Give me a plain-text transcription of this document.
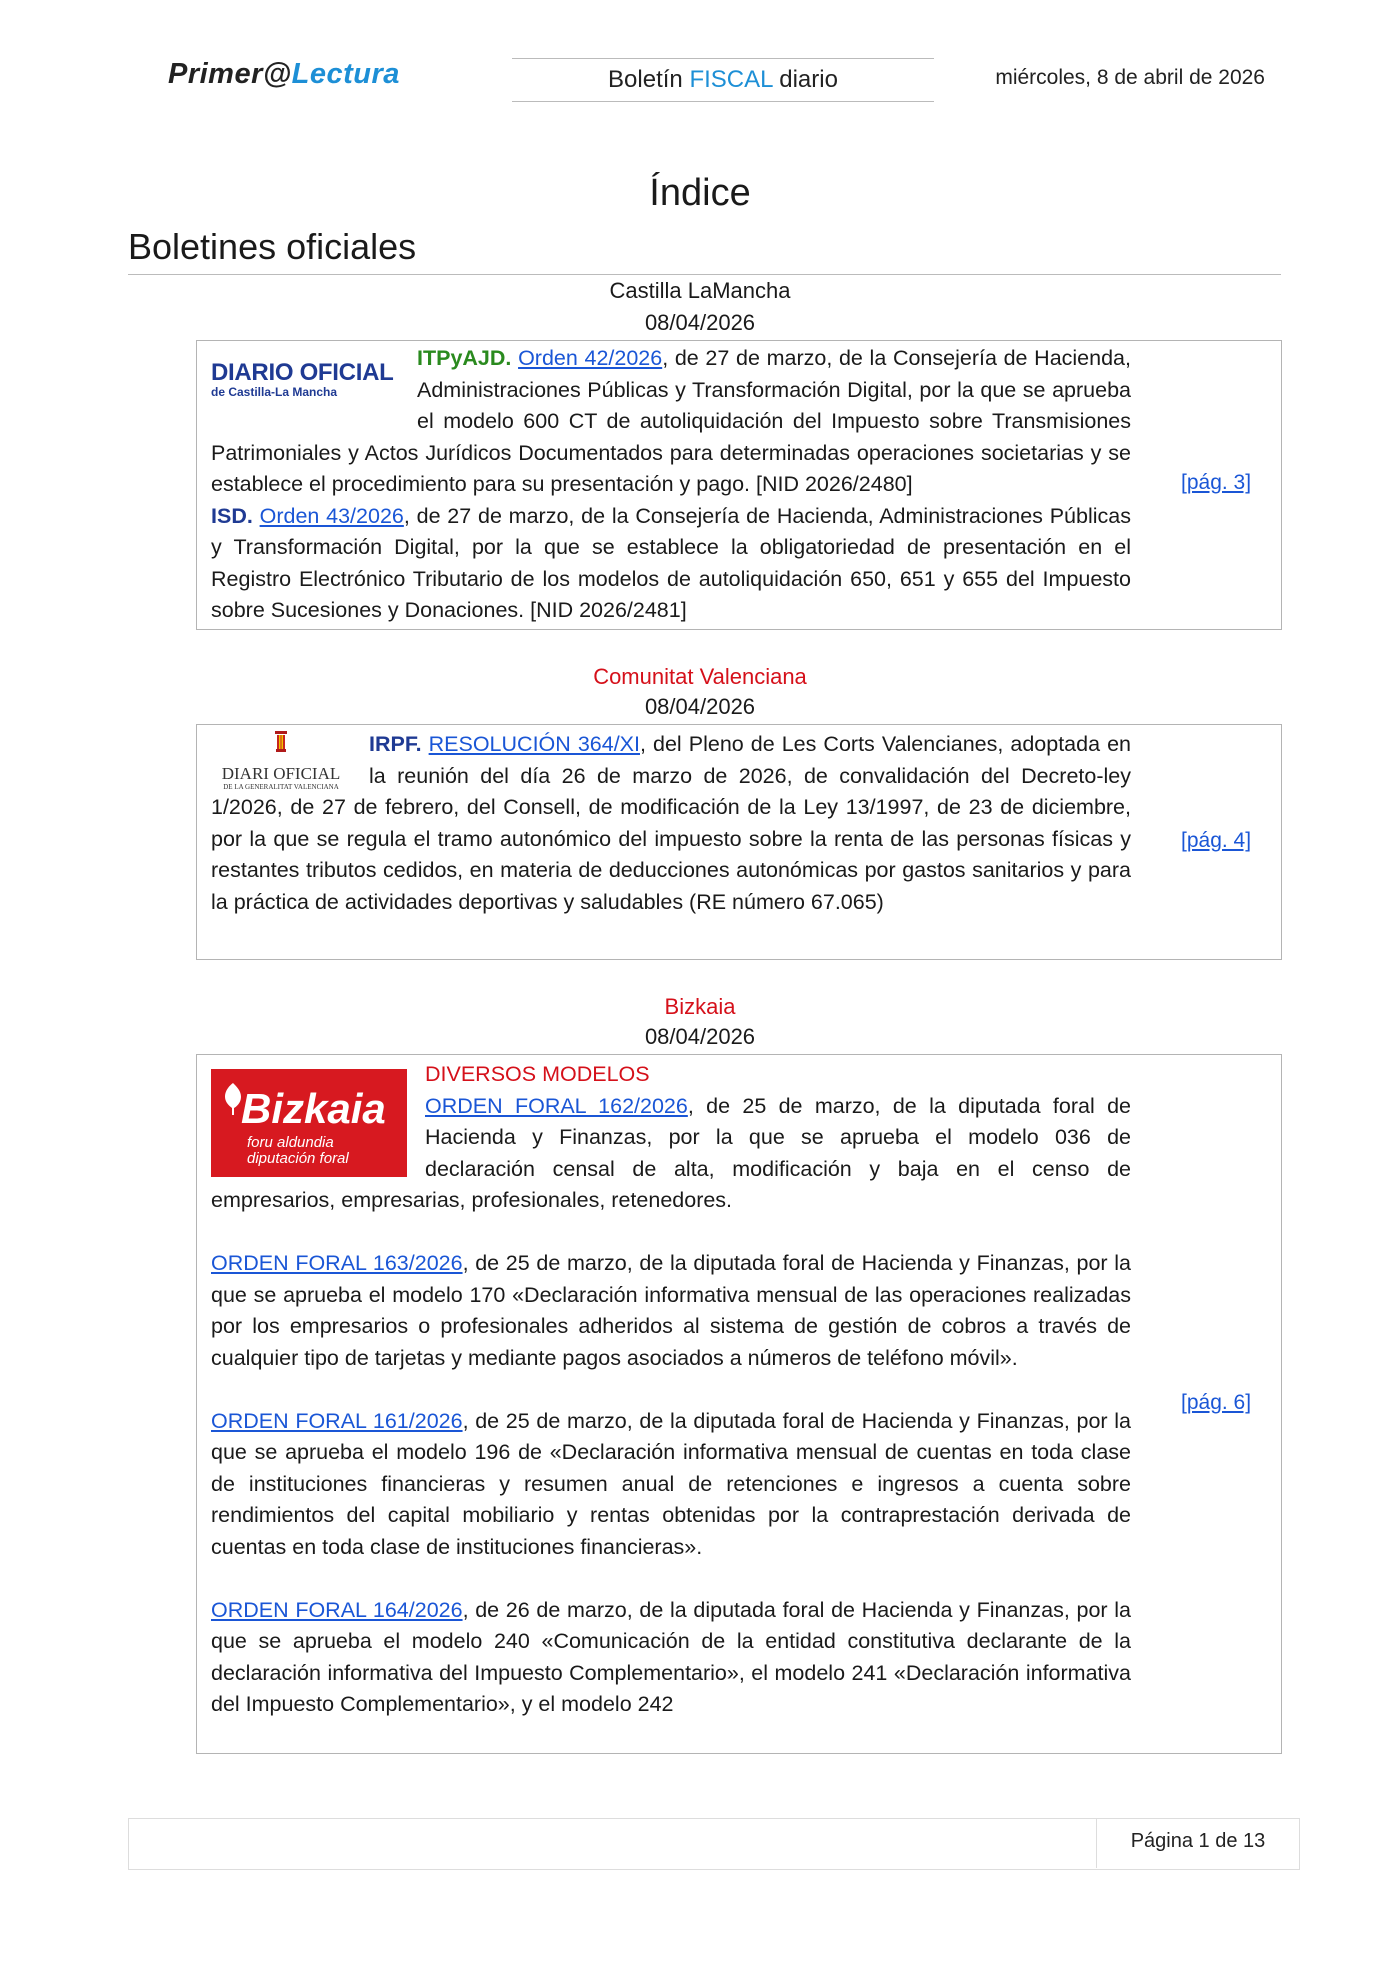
Primer@Lectura	Boletín FISCAL diario	miércoles, 8 de abril de 2026
Índice
Boletines oficiales
Castilla LaMancha
08/04/2026
DIARIO OFICIAL
de Castilla-La Mancha

ITPyAJD. Orden 42/2026, de 27 de marzo, de la Consejería de Hacienda, Administraciones Públicas y Transformación Digital, por la que se aprueba el modelo 600 CT de autoliquidación del Impuesto sobre Transmisiones Patrimoniales y Actos Jurídicos Documentados para determinadas operaciones societarias y se establece el procedimiento para su presentación y pago. [NID 2026/2480]

ISD. Orden 43/2026, de 27 de marzo, de la Consejería de Hacienda, Administraciones Públicas y Transformación Digital, por la que se establece la obligatoriedad de presentación en el Registro Electrónico Tributario de los modelos de autoliquidación 650, 651 y 655 del Impuesto sobre Sucesiones y Donaciones. [NID 2026/2481]

[pág. 3]
Comunitat Valenciana
08/04/2026
DIARI OFICIAL
DE LA GENERALITAT VALENCIANA

IRPF. RESOLUCIÓN 364/XI, del Pleno de Les Corts Valencianes, adoptada en la reunión del día 26 de marzo de 2026, de convalidación del Decreto-ley 1/2026, de 27 de febrero, del Consell, de modificación de la Ley 13/1997, de 23 de diciembre, por la que se regula el tramo autonómico del impuesto sobre la renta de las personas físicas y restantes tributos cedidos, en materia de deducciones autonómicas por gastos sanitarios y para la práctica de actividades deportivas y saludables (RE número 67.065)

[pág. 4]
Bizkaia
08/04/2026
Bizkaia
foru aldundia
diputación foral

DIVERSOS MODELOS

ORDEN FORAL 162/2026, de 25 de marzo, de la diputada foral de Hacienda y Finanzas, por la que se aprueba el modelo 036 de declaración censal de alta, modificación y baja en el censo de empresarios, empresarias, profesionales, retenedores.

ORDEN FORAL 163/2026, de 25 de marzo, de la diputada foral de Hacienda y Finanzas, por la que se aprueba el modelo 170 «Declaración informativa mensual de las operaciones realizadas por los empresarios o profesionales adheridos al sistema de gestión de cobros a través de cualquier tipo de tarjetas y mediante pagos asociados a números de teléfono móvil».

ORDEN FORAL 161/2026, de 25 de marzo, de la diputada foral de Hacienda y Finanzas, por la que se aprueba el modelo 196 de «Declaración informativa mensual de cuentas en toda clase de instituciones financieras y resumen anual de retenciones e ingresos a cuenta sobre rendimientos del capital mobiliario y rentas obtenidas por la contraprestación derivada de cuentas en toda clase de instituciones financieras».

ORDEN FORAL 164/2026, de 26 de marzo, de la diputada foral de Hacienda y Finanzas, por la que se aprueba el modelo 240 «Comunicación de la entidad constitutiva declarante de la declaración informativa del Impuesto Complementario», el modelo 241 «Declaración informativa del Impuesto Complementario», y el modelo 242

[pág. 6]
Página 1 de 13
